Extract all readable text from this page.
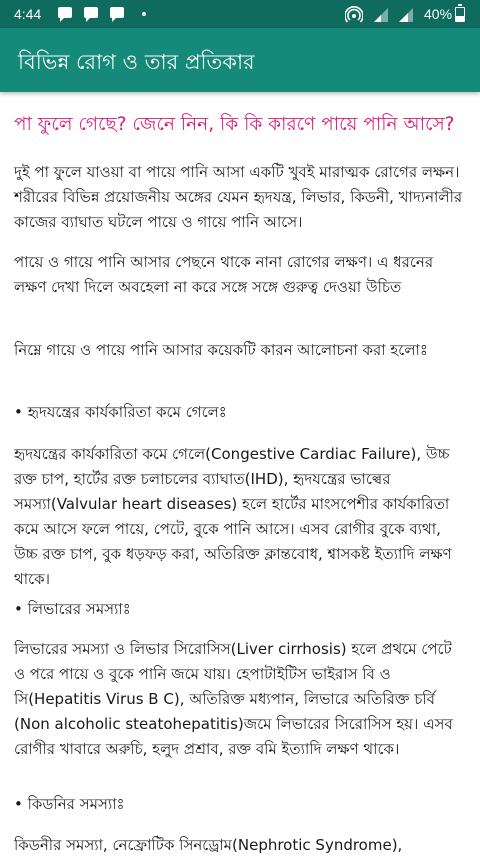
4:44	40%
বিভিন্ন রোগ ও তার প্রতিকার
পা ফুলে গেছে? জেনে নিন, কি কি কারণে পায়ে পানি আসে?
দুই পা ফুলে যাওয়া বা পায়ে পানি আসা একটি খুবই মারাত্মক রোগের লক্ষন। শরীরের বিভিন্ন প্রয়োজনীয় অঙ্গের যেমন হৃদযন্ত্র, লিভার, কিডনী, খাদ্যনালীর কাজের ব্যাঘাত ঘটলে পায়ে ও গায়ে পানি আসে।
পায়ে ও গায়ে পানি আসার পেছনে থাকে নানা রোগের লক্ষণ। এ ধরনের লক্ষণ দেখা দিলে অবহেলা না করে সঙ্গে সঙ্গে গুরুত্ব দেওয়া উচিত
নিম্নে গায়ে ও পায়ে পানি আসার কয়েকটি কারন আলোচনা করা হলোঃ
• হৃদযন্ত্রের কার্যকারিতা কমে গেলেঃ
হৃদযন্ত্রের কার্যকারিতা কমে গেলে(Congestive Cardiac Failure), উচ্চ রক্ত চাপ, হার্টের রক্ত চলাচলের ব্যাঘাত(IHD), হৃদযন্ত্রের ভাল্বের সমস্যা(Valvular heart diseases) হলে হার্টের মাংসপেশীর কার্যকারিতা কমে আসে ফলে পায়ে, পেটে, বুকে পানি আসে। এসব রোগীর বুকে ব্যথা, উচ্চ রক্ত চাপ, বুক ধড়ফড় করা, অতিরিক্ত ক্লান্তবোধ, শ্বাসকষ্ট ইত্যাদি লক্ষণ থাকে।
• লিভারের সমস্যাঃ
লিভারের সমস্যা ও লিভার সিরোসিস(Liver cirrhosis) হলে প্রথমে পেটে ও পরে পায়ে ও বুকে পানি জমে যায়। হেপাটাইটিস ভাইরাস বি ও সি(Hepatitis Virus B C), অতিরিক্ত মধ্যপান, লিভারে অতিরিক্ত চর্বি (Non alcoholic steatohepatitis)জমে লিভারের সিরোসিস হয়। এসব রোগীর খাবারে অরুচি, হলুদ প্রশ্রাব, রক্ত বমি ইত্যাদি লক্ষণ থাকে।
• কিডনির সমস্যাঃ
কিডনীর সমস্যা, নেফ্রোটিক সিনড্রোম(Nephrotic Syndrome),
